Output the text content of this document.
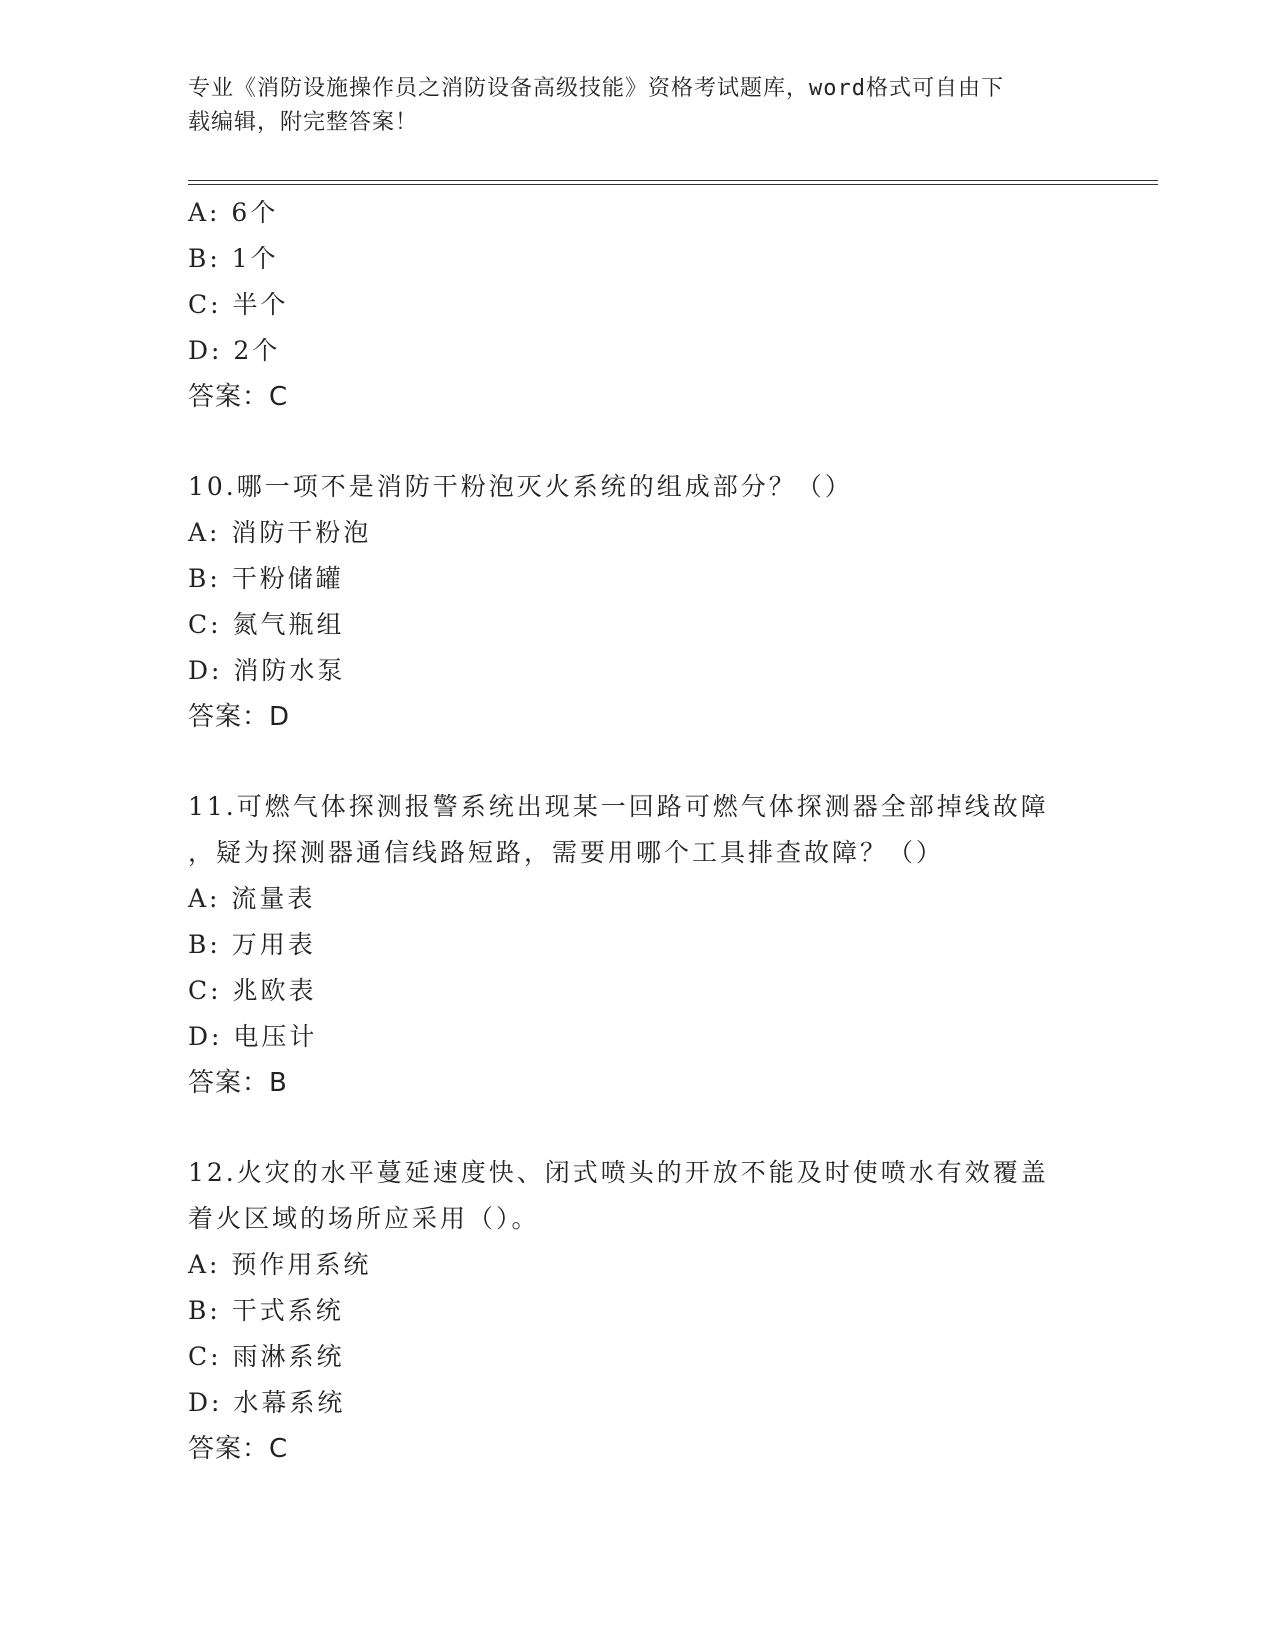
专业《消防设施操作员之消防设备高级技能》资格考试题库，word格式可自由下
载编辑，附完整答案！
A: 6个
B: 1个
C: 半个
D: 2个
答案：C
10.哪一项不是消防干粉泡灭火系统的组成部分？（）
A: 消防干粉泡
B: 干粉储罐
C: 氮气瓶组
D: 消防水泵
答案：D
11.可燃气体探测报警系统出现某一回路可燃气体探测器全部掉线故障
，疑为探测器通信线路短路，需要用哪个工具排查故障？（）
A: 流量表
B: 万用表
C: 兆欧表
D: 电压计
答案：B
12.火灾的水平蔓延速度快、闭式喷头的开放不能及时使喷水有效覆盖
着火区域的场所应采用（）。
A: 预作用系统
B: 干式系统
C: 雨淋系统
D: 水幕系统
答案：C
